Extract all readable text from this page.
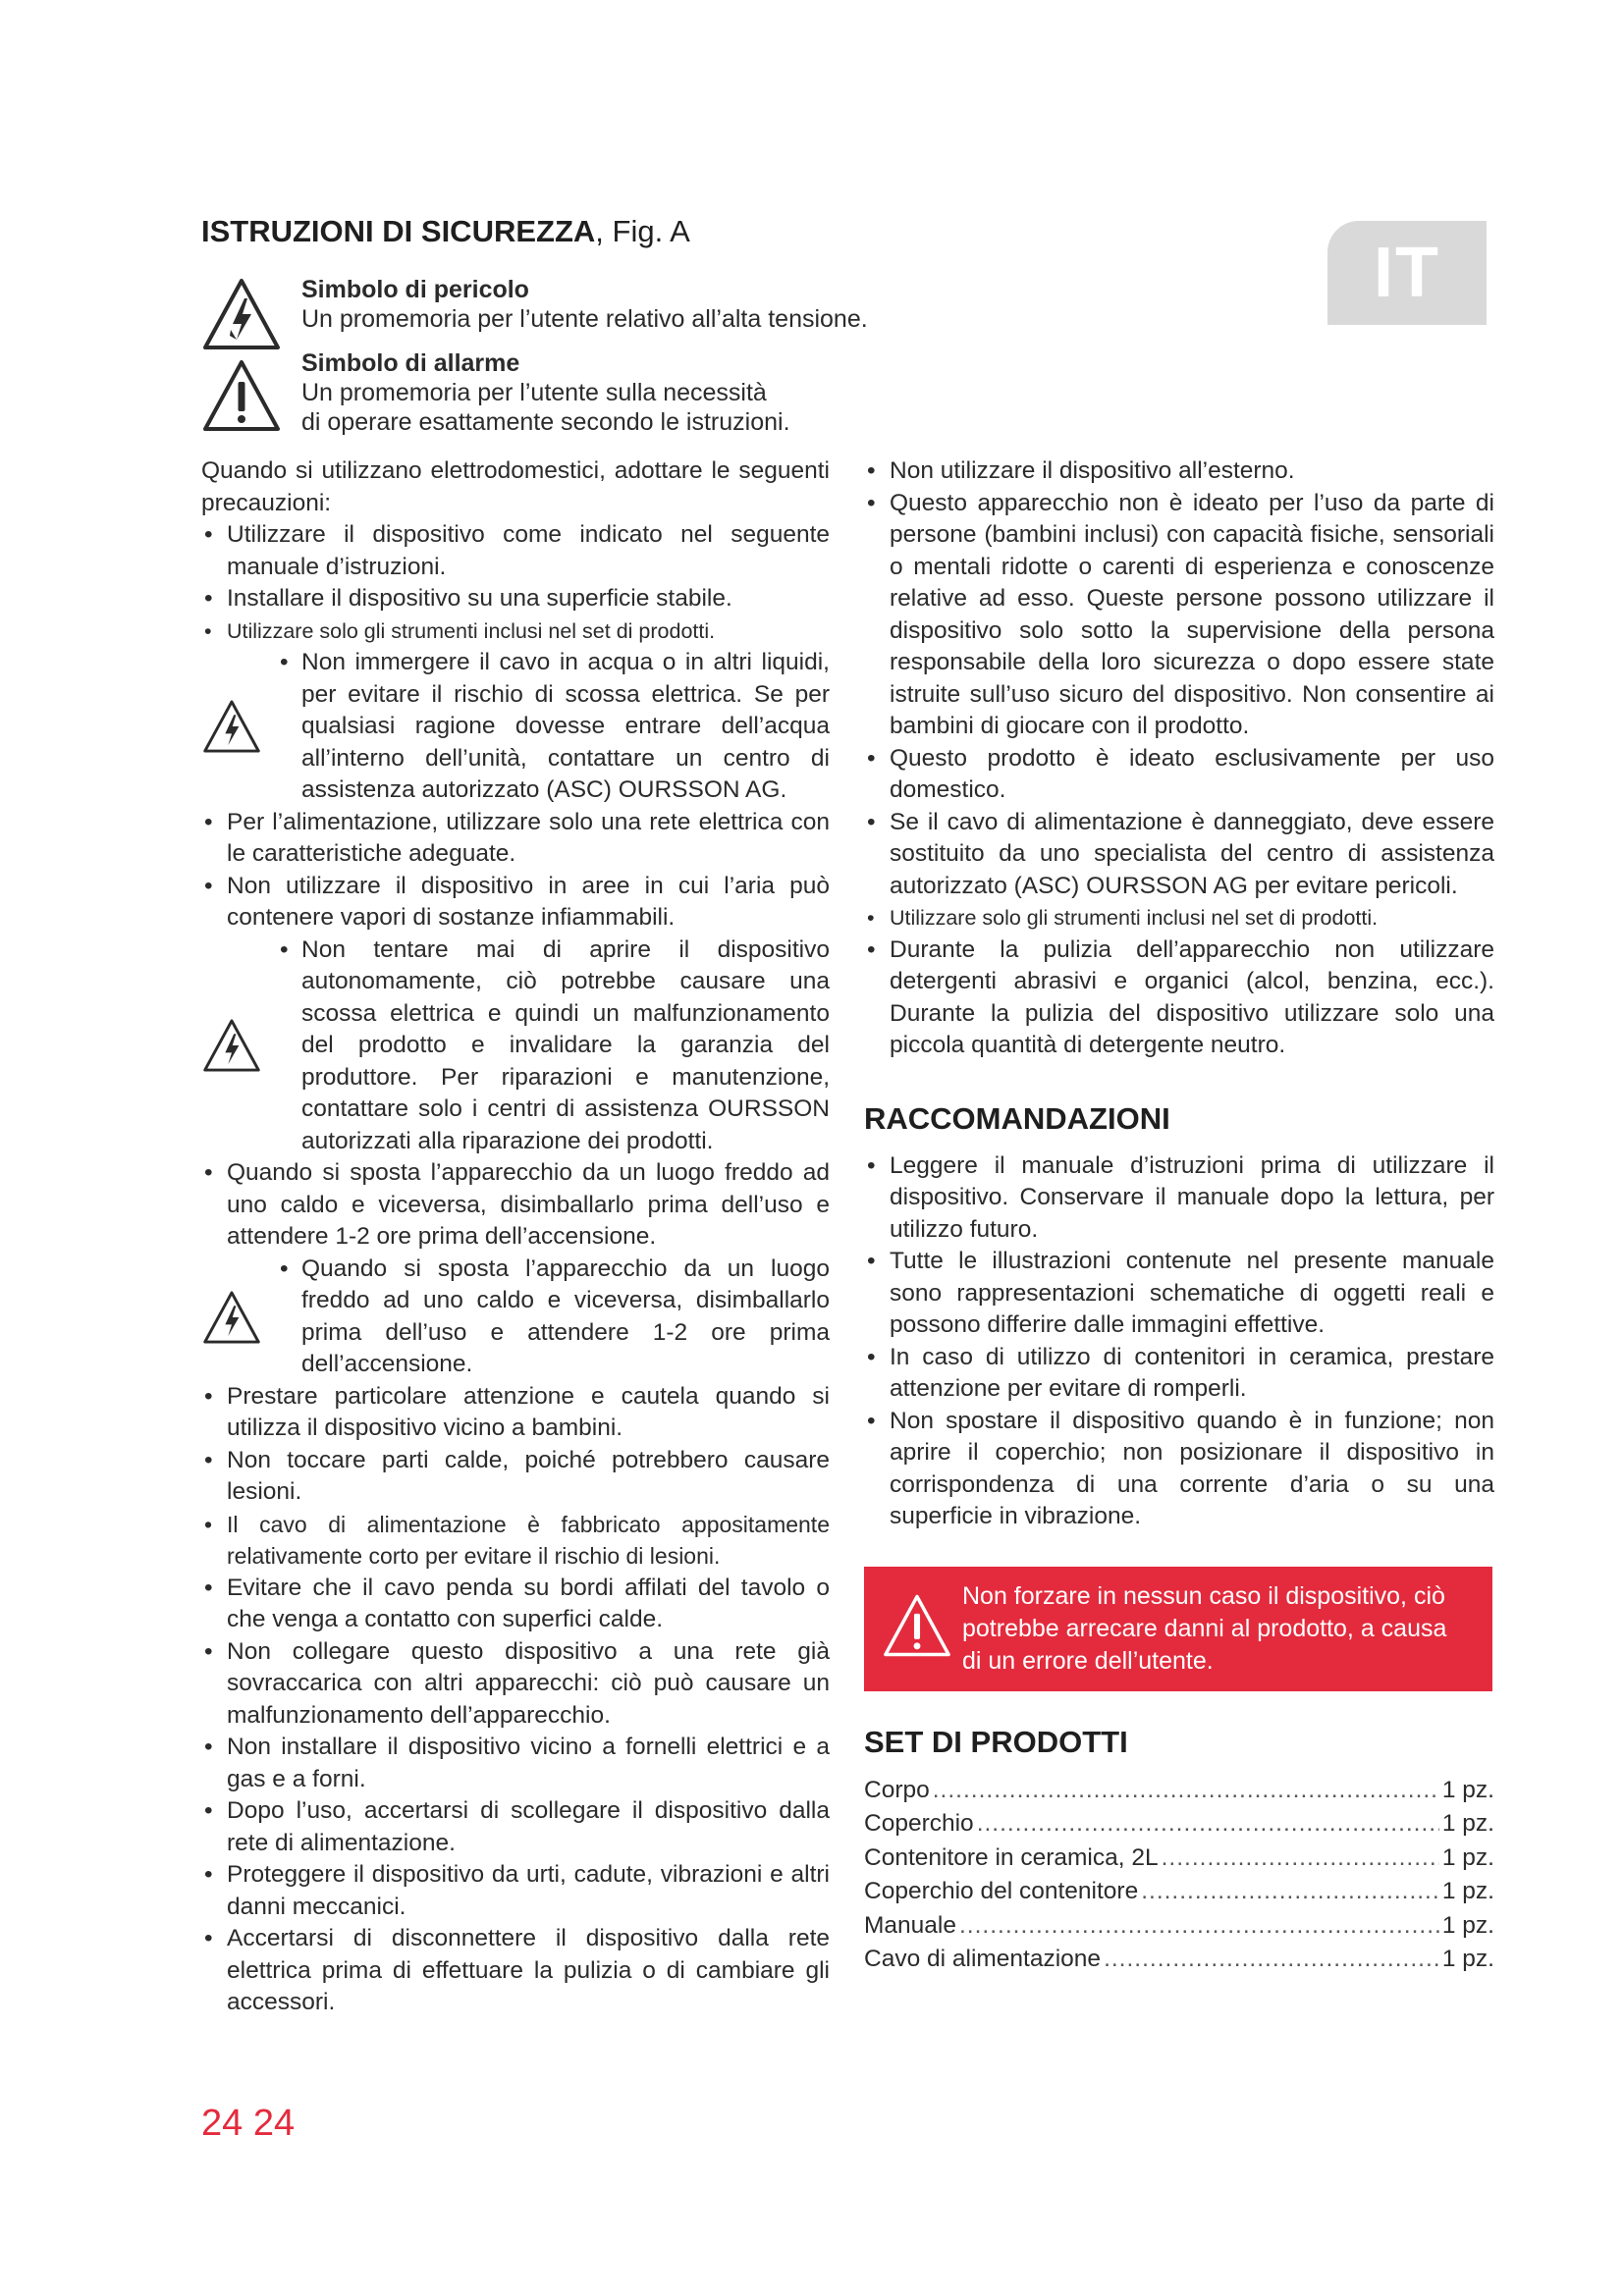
ISTRUZIONI DI SICUREZZA, Fig. A
IT
Simbolo di pericolo
Un promemoria per l’utente relativo all’alta tensione.
Simbolo di allarme
Un promemoria per l’utente sulla necessità
di operare esattamente secondo le istruzioni.

Quando si utilizzano elettrodomestici, adottare le seguenti precauzioni:

• Utilizzare il dispositivo come indicato nel seguente manuale d’istruzioni.

• Installare il dispositivo su una superficie stabile.

• Utilizzare solo gli strumenti inclusi nel set di prodotti.

• Non immergere il cavo in acqua o in altri liquidi, per evitare il rischio di scossa elettrica. Se per qualsiasi ragione dovesse entrare dell’acqua all’interno dell’unità, contattare un centro di assistenza autorizzato (ASC) OURSSON AG.

• Per l’alimentazione, utilizzare solo una rete elettrica con le caratteristiche adeguate.

• Non utilizzare il dispositivo in aree in cui l’aria può contenere vapori di sostanze infiammabili.

• Non tentare mai di aprire il dispositivo autonomamente, ciò potrebbe causare una scossa elettrica e quindi un malfunzionamento del prodotto e invalidare la garanzia del produttore. Per riparazioni e manutenzione, contattare solo i centri di assistenza OURSSON autorizzati alla riparazione dei prodotti.

• Quando si sposta l’apparecchio da un luogo freddo ad uno caldo e viceversa, disimballarlo prima dell’uso e attendere 1-2 ore prima dell’accensione.

• Quando si sposta l’apparecchio da un luogo freddo ad uno caldo e viceversa, disimballarlo prima dell’uso e attendere 1-2 ore prima dell’accensione.

• Prestare particolare attenzione e cautela quando si utilizza il dispositivo vicino a bambini.

• Non toccare parti calde, poiché potrebbero causare lesioni.

• Il cavo di alimentazione è fabbricato appositamente relativamente corto per evitare il rischio di lesioni.

• Evitare che il cavo penda su bordi affilati del tavolo o che venga a contatto con superfici calde.

• Non collegare questo dispositivo a una rete già sovraccarica con altri apparecchi: ciò può causare un malfunzionamento dell’apparecchio.

• Non installare il dispositivo vicino a fornelli elettrici e a gas e a forni.

• Dopo l’uso, accertarsi di scollegare il dispositivo dalla rete di alimentazione.

• Proteggere il dispositivo da urti, cadute, vibrazioni e altri danni meccanici.

• Accertarsi di disconnettere il dispositivo dalla rete elettrica prima di effettuare la pulizia o di cambiare gli accessori.

• Non utilizzare il dispositivo all’esterno.

• Questo apparecchio non è ideato per l’uso da parte di persone (bambini inclusi) con capacità fisiche, sensoriali o mentali ridotte o carenti di esperienza e conoscenze relative ad esso. Queste persone possono utilizzare il dispositivo solo sotto la supervisione della persona responsabile della loro sicurezza o dopo essere state istruite sull’uso sicuro del dispositivo. Non consentire ai bambini di giocare con il prodotto.

• Questo prodotto è ideato esclusivamente per uso domestico.

• Se il cavo di alimentazione è danneggiato, deve essere sostituito da uno specialista del centro di assistenza autorizzato (ASC) OURSSON AG per evitare pericoli.

• Utilizzare solo gli strumenti inclusi nel set di prodotti.

• Durante la pulizia dell’apparecchio non utilizzare detergenti abrasivi e organici (alcol, benzina, ecc.). Durante la pulizia del dispositivo utilizzare solo una piccola quantità di detergente neutro.

RACCOMANDAZIONI

• Leggere il manuale d’istruzioni prima di utilizzare il dispositivo. Conservare il manuale dopo la lettura, per utilizzo futuro.

• Tutte le illustrazioni contenute nel presente manuale sono rappresentazioni schematiche di oggetti reali e possono differire dalle immagini effettive.

• In caso di utilizzo di contenitori in ceramica, prestare attenzione per evitare di romperli.

• Non spostare il dispositivo quando è in funzione; non aprire il coperchio; non posizionare il dispositivo in corrispondenza di una corrente d’aria o su una superficie in vibrazione.

Non forzare in nessun caso il dispositivo, ciò potrebbe arrecare danni al prodotto, a causa di un errore dell’utente.
SET DI PRODOTTI
Corpo .....	1 pz.
Coperchio .....	1 pz.
Contenitore in ceramica, 2L .....	1 pz.
Coperchio del contenitore .....	1 pz.
Manuale .....	1 pz.
Cavo di alimentazione .....	1 pz.
24 24
